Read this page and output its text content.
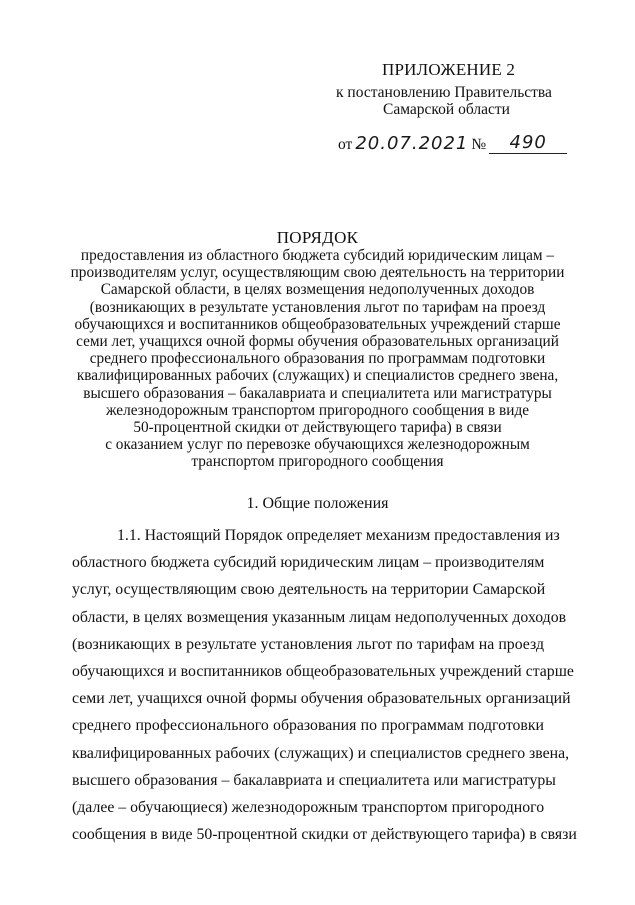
ПРИЛОЖЕНИЕ 2
к постановлению Правительства
Самарской области
от 20.07.2021 №	490
ПОРЯДОК
предоставления из областного бюджета субсидий юридическим лицам –
производителям услуг, осуществляющим свою деятельность на территории
Самарской области, в целях возмещения недополученных доходов
(возникающих в результате установления льгот по тарифам на проезд
обучающихся и воспитанников общеобразовательных учреждений старше
семи лет, учащихся очной формы обучения образовательных организаций
среднего профессионального образования по программам подготовки
квалифицированных рабочих (служащих) и специалистов среднего звена,
высшего образования – бакалавриата и специалитета или магистратуры
железнодорожным транспортом пригородного сообщения в виде
50-процентной скидки от действующего тарифа) в связи
с оказанием услуг по перевозке обучающихся железнодорожным
транспортом пригородного сообщения
1. Общие положения
1.1. Настоящий Порядок определяет механизм предоставления из
областного бюджета субсидий юридическим лицам – производителям
услуг, осуществляющим свою деятельность на территории Самарской
области, в целях возмещения указанным лицам недополученных доходов
(возникающих в результате установления льгот по тарифам на проезд
обучающихся и воспитанников общеобразовательных учреждений старше
семи лет, учащихся очной формы обучения образовательных организаций
среднего профессионального образования по программам подготовки
квалифицированных рабочих (служащих) и специалистов среднего звена,
высшего образования – бакалавриата и специалитета или магистратуры
(далее – обучающиеся) железнодорожным транспортом пригородного
сообщения в виде 50-процентной скидки от действующего тарифа) в связи
